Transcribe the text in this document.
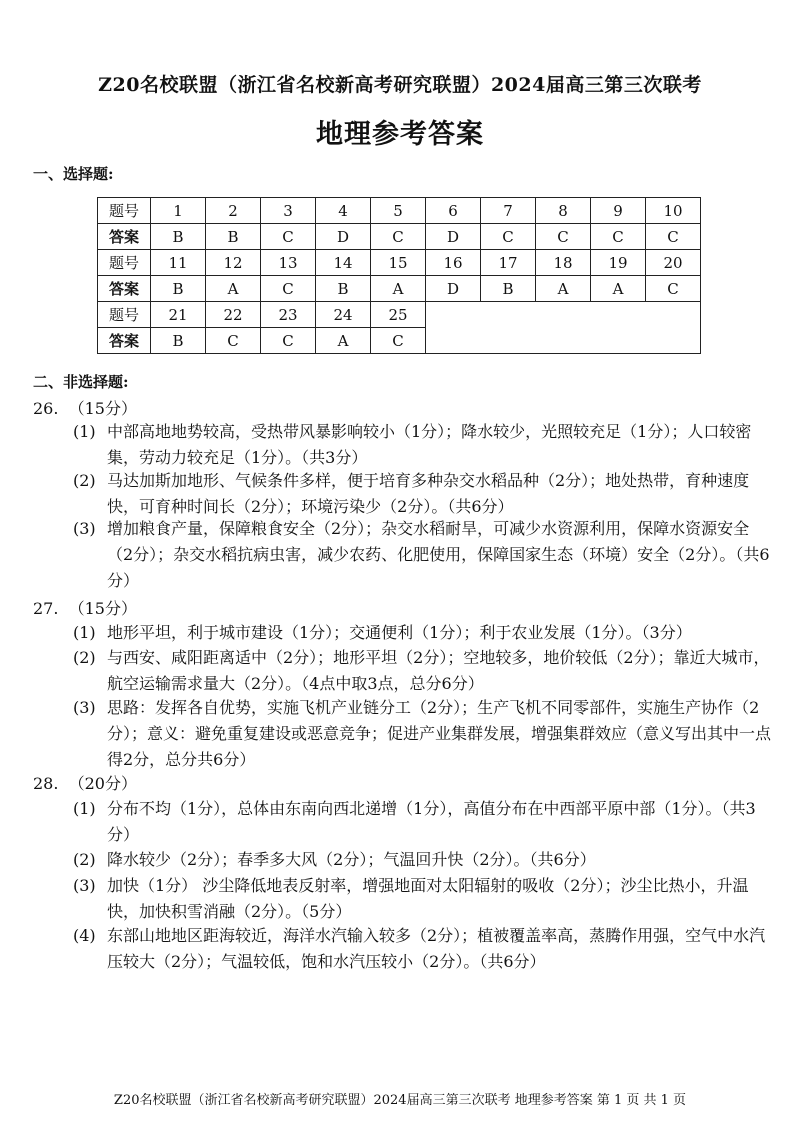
Z20名校联盟（浙江省名校新高考研究联盟）2024届高三第三次联考
地理参考答案
一、选择题:
题号	1	2	3	4	5	6	7	8	9	10
答案	B	B	C	D	C	D	C	C	C	C
题号	11	12	13	14	15	16	17	18	19	20
答案	B	A	C	B	A	D	B	A	A	C
题号	21	22	23	24	25					
答案	B	C	C	A	C					
二、非选择题:
26. （15分）
(1) 中部高地地势较高，受热带风暴影响较小（1分）；降水较少，光照较充足（1分）；人口较密集，劳动力较充足（1分）。（共3分）
(2) 马达加斯加地形、气候条件多样，便于培育多种杂交水稻品种（2分）；地处热带，育种速度快，可育种时间长（2分）；环境污染少（2分）。（共6分）
(3) 增加粮食产量，保障粮食安全（2分）；杂交水稻耐旱，可减少水资源利用，保障水资源安全（2分）；杂交水稻抗病虫害，减少农药、化肥使用，保障国家生态（环境）安全（2分）。（共6分）
27. （15分）
(1) 地形平坦，利于城市建设（1分）；交通便利（1分）；利于农业发展（1分）。（3分）
(2) 与西安、咸阳距离适中（2分）；地形平坦（2分）；空地较多，地价较低（2分）；靠近大城市，航空运输需求量大（2分）。（4点中取3点，总分6分）
(3) 思路：发挥各自优势，实施飞机产业链分工（2分）；生产飞机不同零部件，实施生产协作（2分）；意义：避免重复建设或恶意竞争；促进产业集群发展，增强集群效应（意义写出其中一点得2分，总分共6分）
28. （20分）
(1) 分布不均（1分），总体由东南向西北递增（1分），高值分布在中西部平原中部（1分）。（共3分）
(2) 降水较少（2分）；春季多大风（2分）；气温回升快（2分）。（共6分）
(3) 加快（1分） 沙尘降低地表反射率，增强地面对太阳辐射的吸收（2分）；沙尘比热小，升温快，加快积雪消融（2分）。（5分）
(4) 东部山地地区距海较近，海洋水汽输入较多（2分）；植被覆盖率高，蒸腾作用强，空气中水汽压较大（2分）；气温较低，饱和水汽压较小（2分）。（共6分）
Z20名校联盟（浙江省名校新高考研究联盟）2024届高三第三次联考 地理参考答案 第 1 页 共 1 页
